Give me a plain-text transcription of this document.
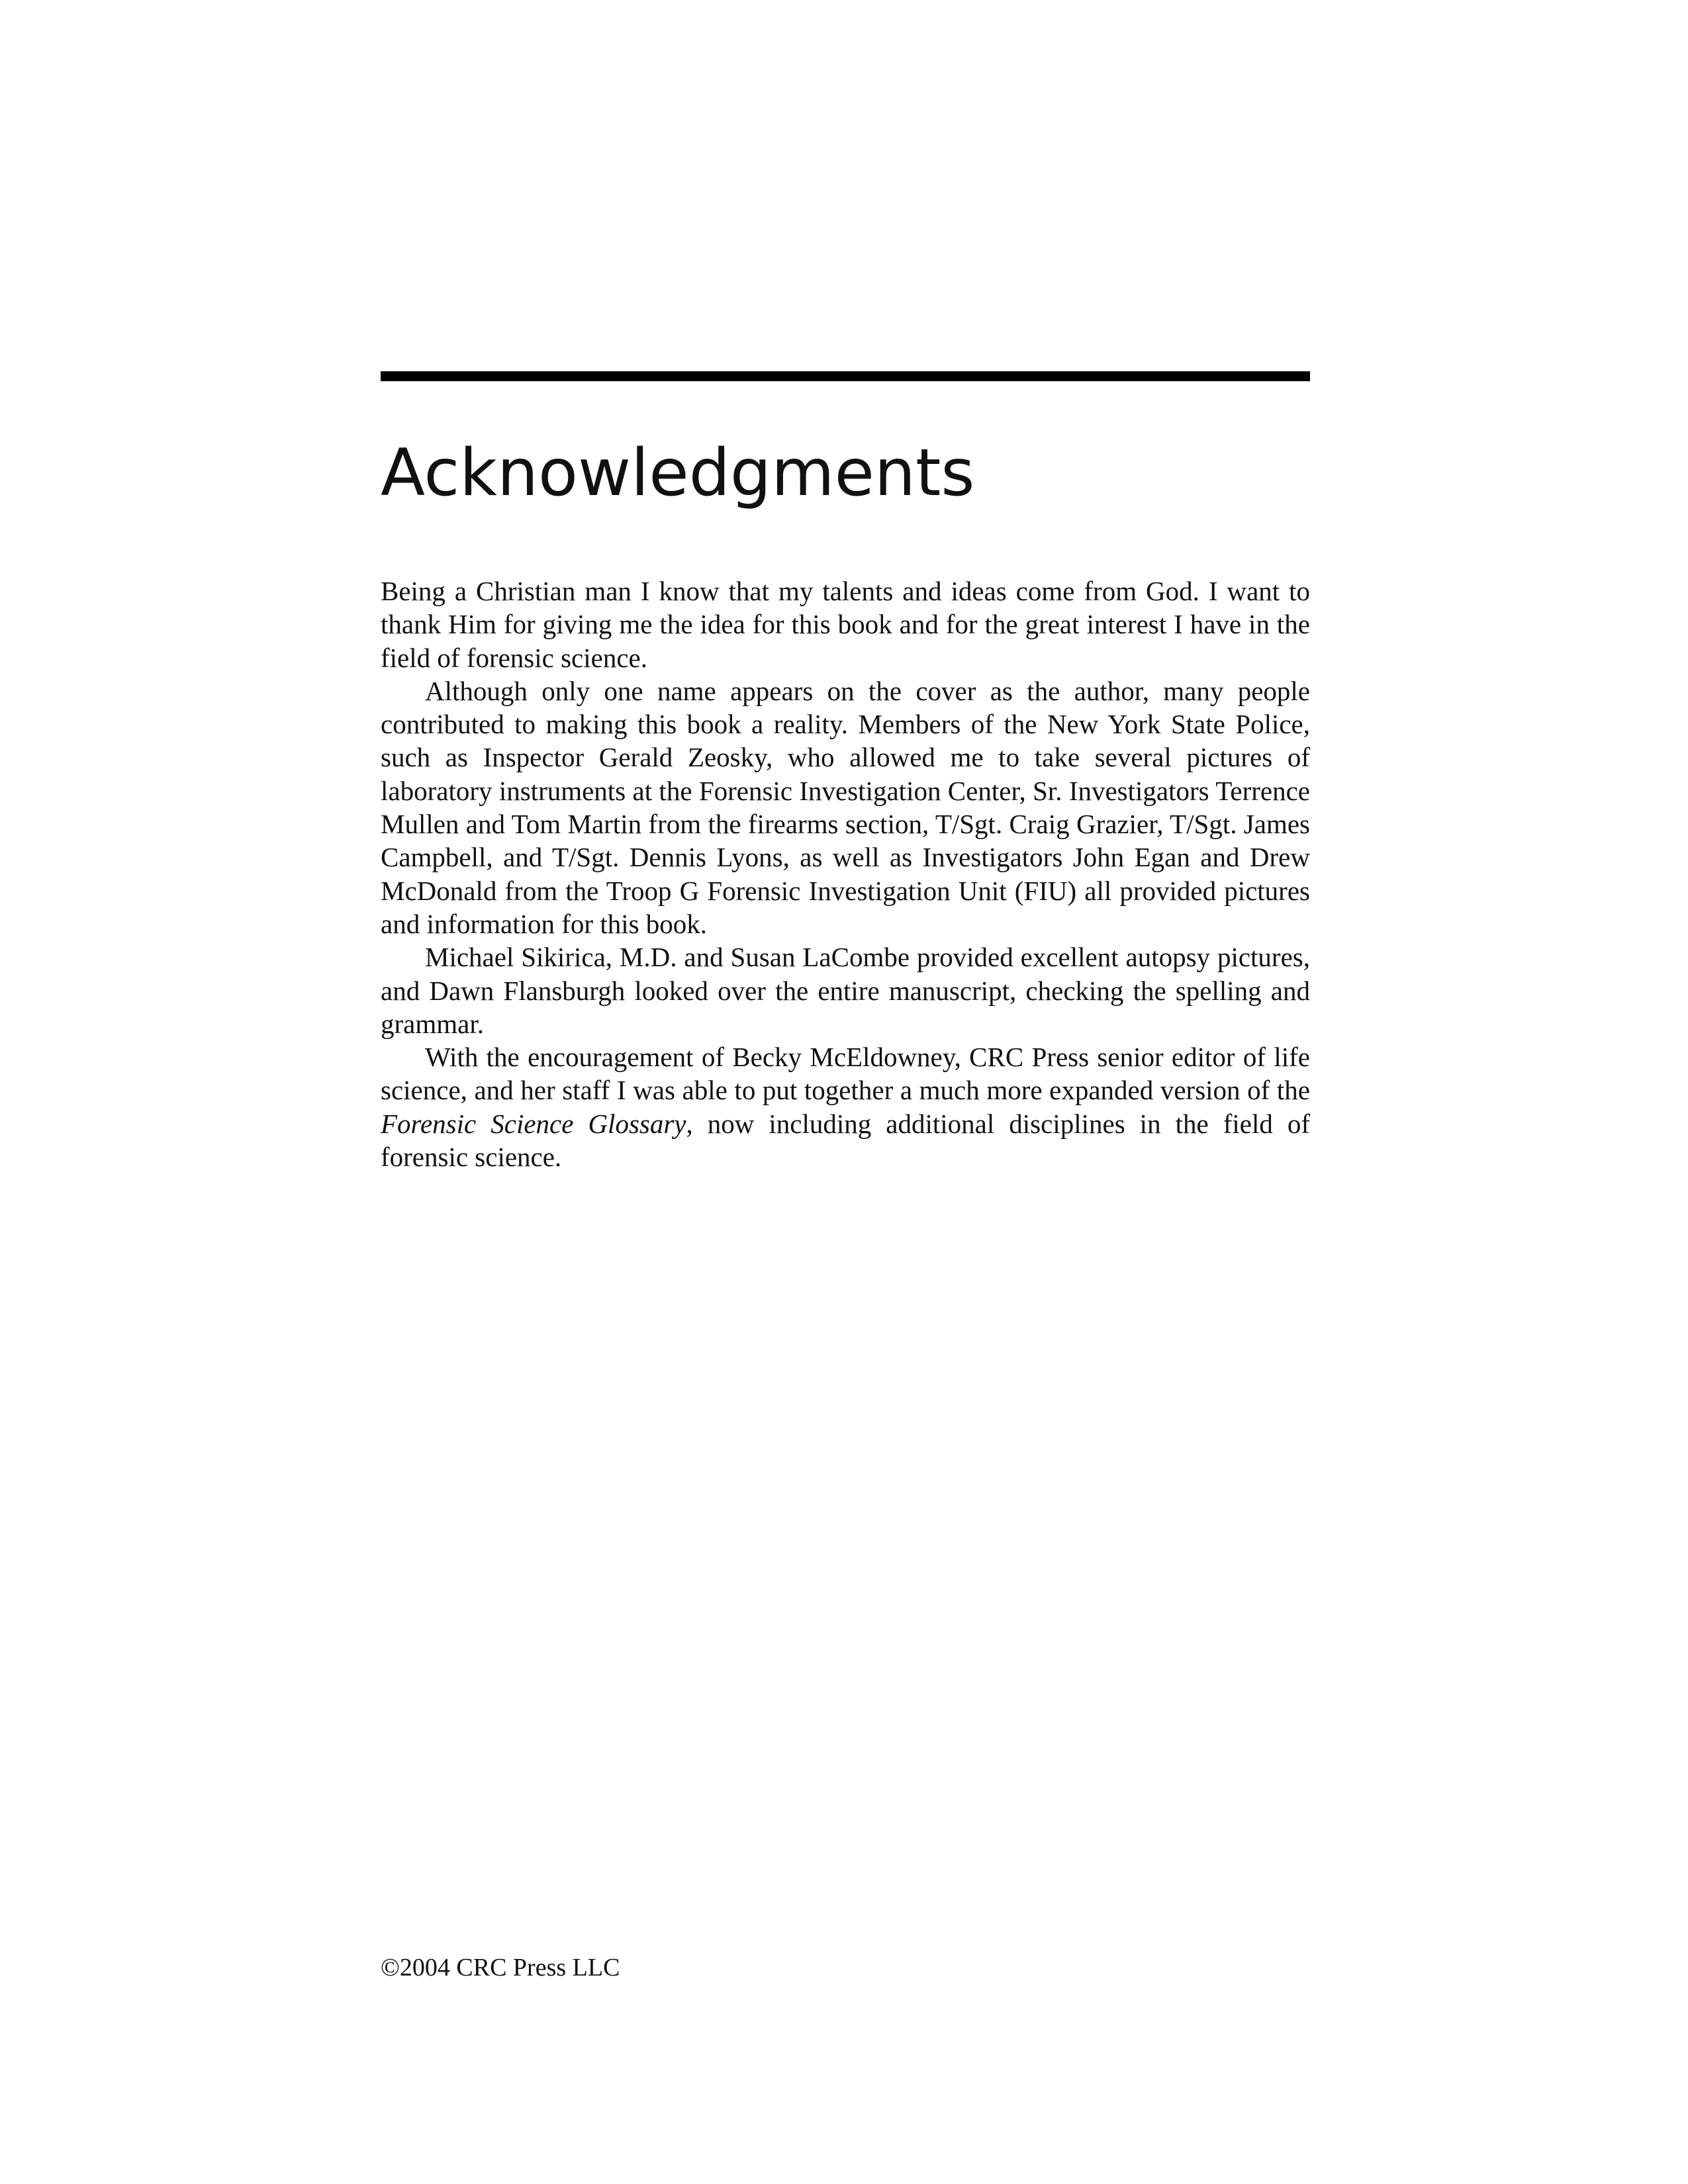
Acknowledgments

Being a Christian man I know that my talents and ideas come from God. I want to thank Him for giving me the idea for this book and for the great interest I have in the field of forensic science.

Although only one name appears on the cover as the author, many people contributed to making this book a reality. Members of the New York State Police, such as Inspector Gerald Zeosky, who allowed me to take several pictures of laboratory instruments at the Forensic Investigation Center, Sr. Investigators Terrence Mullen and Tom Martin from the firearms section, T/Sgt. Craig Grazier, T/Sgt. James Campbell, and T/Sgt. Dennis Lyons, as well as Investigators John Egan and Drew McDonald from the Troop G Forensic Investigation Unit (FIU) all provided pictures and information for this book.

Michael Sikirica, M.D. and Susan LaCombe provided excellent autopsy pictures, and Dawn Flansburgh looked over the entire manuscript, checking the spelling and grammar.

With the encouragement of Becky McEldowney, CRC Press senior editor of life science, and her staff I was able to put together a much more expanded version of the Forensic Science Glossary, now including additional disciplines in the field of forensic science.

©2004 CRC Press LLC
